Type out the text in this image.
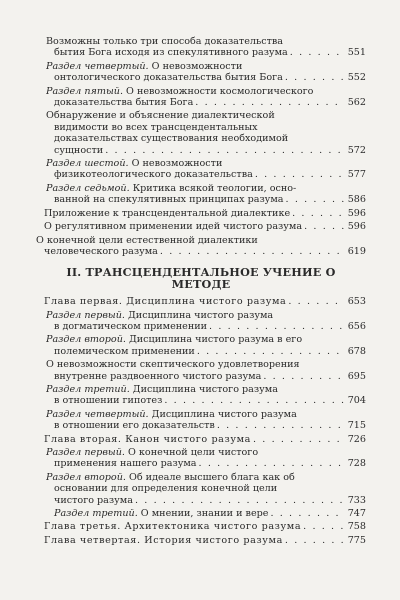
Возможны только три способа доказательства
бытия Бога исходя из спекулятивного разума . . .	551
Раздел четвертый. О невозможности
онтологического доказательства бытия Бога . . .	552
Раздел пятый. О невозможности космологического
доказательства бытия Бога . . .	562
Обнаружение и объяснение диалектической
видимости во всех трансцендентальных
доказательствах существования необходимой
сущности . . .	572
Раздел шестой. О невозможности
физикотеологического доказательства . . .	577
Раздел седьмой. Критика всякой теологии, осно-
ванной на спекулятивных принципах разума . . .	586
Приложение к трансцендентальной диалектике . . .	596
О регулятивном применении идей чистого разума . . .	596
О конечной цели естественной диалектики
человеческого разума . . .	619
II. ТРАНСЦЕНДЕНТАЛЬНОЕ УЧЕНИЕ О МЕТОДЕ
Глава первая. Дисциплина чистого разума . . .	653
Раздел первый. Дисциплина чистого разума
в догматическом применении . . .	656
Раздел второй. Дисциплина чистого разума в его
полемическом применении . . .	678
О невозможности скептического удовлетворения
внутренне раздвоенного чистого разума . . .	695
Раздел третий. Дисциплина чистого разума
в отношении гипотез . . .	704
Раздел четвертый. Дисциплина чистого разума
в отношении его доказательств . . .	715
Глава вторая. Канон чистого разума . . .	726
Раздел первый. О конечной цели чистого
применения нашего разума . . .	728
Раздел второй. Об идеале высшего блага как об
основании для определения конечной цели
чистого разума . . .	733
Раздел третий. О мнении, знании и вере . . .	747
Глава третья. Архитектоника чистого разума . . .	758
Глава четвертая. История чистого разума . . .	775
